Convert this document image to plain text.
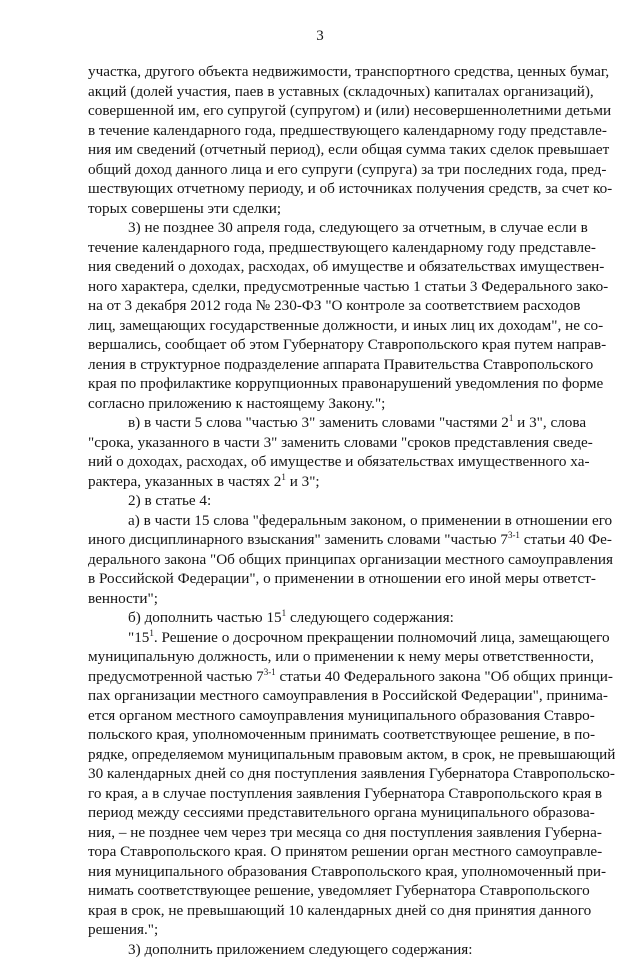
3
участка, другого объекта недвижимости, транспортного средства, ценных бумаг,
акций (долей участия, паев в уставных (складочных) капиталах организаций),
совершенной им, его супругой (супругом) и (или) несовершеннолетними детьми
в течение календарного года, предшествующего календарному году представле-
ния им сведений (отчетный период), если общая сумма таких сделок превышает
общий доход данного лица и его супруги (супруга) за три последних года, пред-
шествующих отчетному периоду, и об источниках получения средств, за счет ко-
торых совершены эти сделки;
3) не позднее 30 апреля года, следующего за отчетным, в случае если в
течение календарного года, предшествующего календарному году представле-
ния сведений о доходах, расходах, об имуществе и обязательствах имуществен-
ного характера, сделки, предусмотренные частью 1 статьи 3 Федерального зако-
на от 3 декабря 2012 года № 230-ФЗ "О контроле за соответствием расходов
лиц, замещающих государственные должности, и иных лиц их доходам", не со-
вершались, сообщает об этом Губернатору Ставропольского края путем направ-
ления в структурное подразделение аппарата Правительства Ставропольского
края по профилактике коррупционных правонарушений уведомления по форме
согласно приложению к настоящему Закону.";
в) в части 5 слова "частью 3" заменить словами "частями $2^1$ и 3", слова
"срока, указанного в части 3" заменить словами "сроков представления сведе-
ний о доходах, расходах, об имуществе и обязательствах имущественного ха-
рактера, указанных в частях $2^1$ и 3";
2) в статье 4:
а) в части 15 слова "федеральным законом, о применении в отношении его
иного дисциплинарного взыскания" заменить словами "частью 7$^{3-1}$ статьи 40 Фе-
дерального закона "Об общих принципах организации местного самоуправления
в Российской Федерации", о применении в отношении его иной меры ответст-
венности";
б) дополнить частью $15^1$ следующего содержания:
"$15^1$. Решение о досрочном прекращении полномочий лица, замещающего
муниципальную должность, или о применении к нему меры ответственности,
предусмотренной частью 7$^{3-1}$ статьи 40 Федерального закона "Об общих принци-
пах организации местного самоуправления в Российской Федерации", принима-
ется органом местного самоуправления муниципального образования Ставро-
польского края, уполномоченным принимать соответствующее решение, в по-
рядке, определяемом муниципальным правовым актом, в срок, не превышающий
30 календарных дней со дня поступления заявления Губернатора Ставропольско-
го края, а в случае поступления заявления Губернатора Ставропольского края в
период между сессиями представительного органа муниципального образова-
ния, – не позднее чем через три месяца со дня поступления заявления Губерна-
тора Ставропольского края. О принятом решении орган местного самоуправле-
ния муниципального образования Ставропольского края, уполномоченный при-
нимать соответствующее решение, уведомляет Губернатора Ставропольского
края в срок, не превышающий 10 календарных дней со дня принятия данного
решения.";
3) дополнить приложением следующего содержания:
